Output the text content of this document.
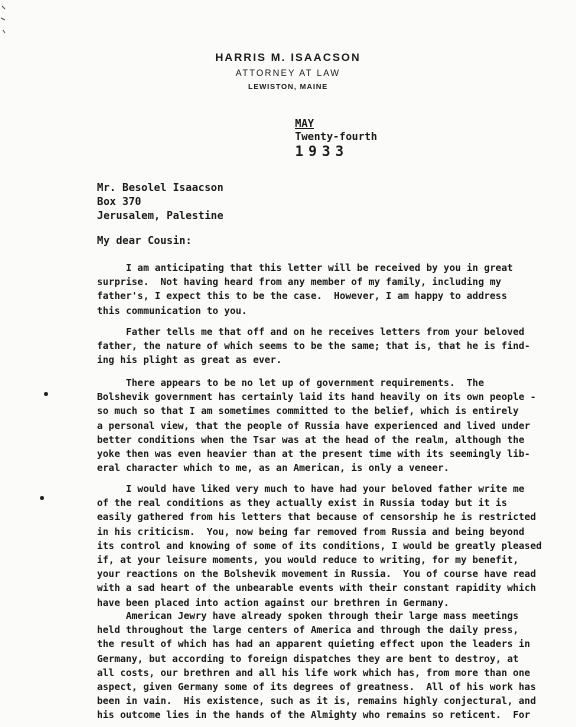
HARRIS M. ISAACSON
ATTORNEY AT LAW
LEWISTON, MAINE
MAY
Twenty-fourth
1933
Mr. Besolel Isaacson
Box 370
Jerusalem, Palestine
My dear Cousin:
I am anticipating that this letter will be received by you in great
surprise.  Not having heard from any member of my family, including my
father's, I expect this to be the case.  However, I am happy to address
this communication to you.
Father tells me that off and on he receives letters from your beloved
father, the nature of which seems to be the same; that is, that he is find-
ing his plight as great as ever.
There appears to be no let up of government requirements.  The
Bolshevik government has certainly laid its hand heavily on its own people -
so much so that I am sometimes committed to the belief, which is entirely
a personal view, that the people of Russia have experienced and lived under
better conditions when the Tsar was at the head of the realm, although the
yoke then was even heavier than at the present time with its seemingly lib-
eral character which to me, as an American, is only a veneer.
I would have liked very much to have had your beloved father write me
of the real conditions as they actually exist in Russia today but it is
easily gathered from his letters that because of censorship he is restricted
in his criticism.  You, now being far removed from Russia and being beyond
its control and knowing of some of its conditions, I would be greatly pleased
if, at your leisure moments, you would reduce to writing, for my benefit,
your reactions on the Bolshevik movement in Russia.  You of course have read
with a sad heart of the unbearable events with their constant rapidity which
have been placed into action against our brethren in Germany.
American Jewry have already spoken through their large mass meetings
held throughout the large centers of America and through the daily press,
the result of which has had an apparent quieting effect upon the leaders in
Germany, but according to foreign dispatches they are bent to destroy, at
all costs, our brethren and all his life work which has, from more than one
aspect, given Germany some of its degrees of greatness.  All of his work has
been in vain.  His existence, such as it is, remains highly conjectural, and
his outcome lies in the hands of the Almighty who remains so reticent.  For
